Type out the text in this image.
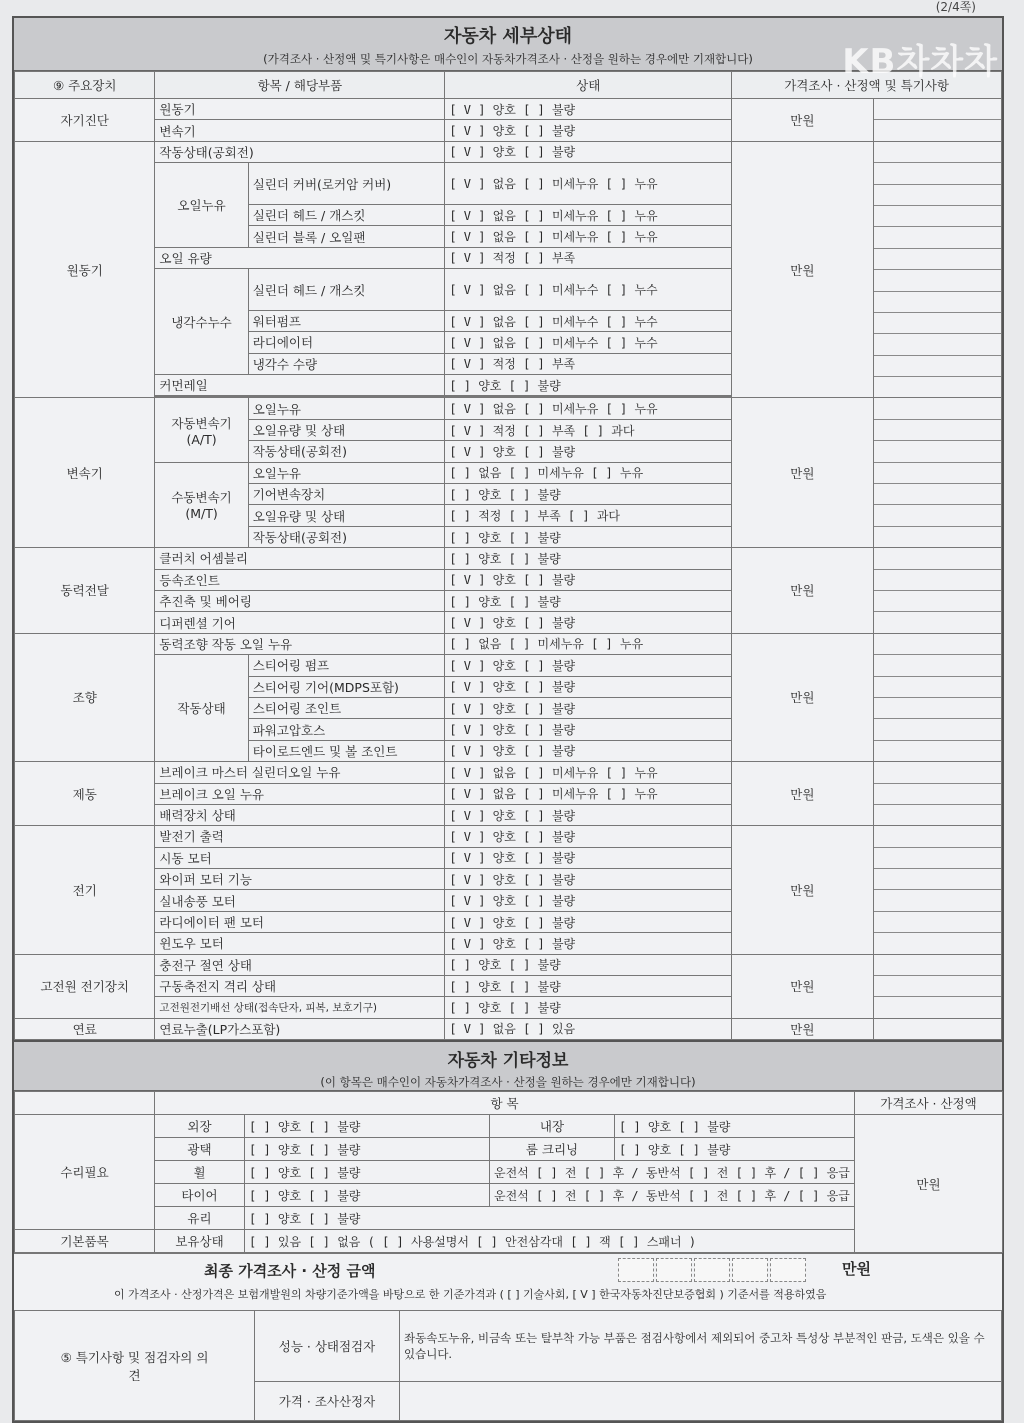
(2/4쪽)
자동차 세부상태
(가격조사 · 산정액 및 특기사항은 매수인이 자동차가격조사 · 산정을 원하는 경우에만 기재합니다)
⑨ 주요장치	항목 / 해당부품		상태	가격조사 · 산정액 및 특기사항	
자기진단	원동기		[ V ] 양호 [ ] 불량	만원	

	변속기		[ V ] 양호 [ ] 불량		
원동기	작동상태(공회전)		[ V ] 양호 [ ] 불량	만원	

	오일누유	실린더 커버(로커암 커버)	[ V ] 없음 [ ] 미세누유 [ ] 누유		
		실린더 헤드 / 개스킷	[ V ] 없음 [ ] 미세누유 [ ] 누유		
		실린더 블록 / 오일팬	[ V ] 없음 [ ] 미세누유 [ ] 누유		
	오일 유량		[ V ] 적정 [ ] 부족		
	냉각수누수	실린더 헤드 / 개스킷	[ V ] 없음 [ ] 미세누수 [ ] 누수		
		워터펌프	[ V ] 없음 [ ] 미세누수 [ ] 누수		
		라디에이터	[ V ] 없음 [ ] 미세누수 [ ] 누수		
		냉각수 수량	[ V ] 적정 [ ] 부족		
	커먼레일		[ ] 양호 [ ] 불량		

변속기	자동변속기 (A/T)	오일누유	[ V ] 없음 [ ] 미세누유 [ ] 누유	만원	

		오일유량 및 상태	[ V ] 적정 [ ] 부족 [ ] 과다		
		작동상태(공회전)	[ V ] 양호 [ ] 불량		
	수동변속기 (M/T)	오일누유	[ ] 없음 [ ] 미세누유 [ ] 누유		
		기어변속장치	[ ] 양호 [ ] 불량		
		오일유량 및 상태	[ ] 적정 [ ] 부족 [ ] 과다		
		작동상태(공회전)	[ ] 양호 [ ] 불량		
동력전달	클러치 어셈블리		[ ] 양호 [ ] 불량	만원	

	등속조인트		[ V ] 양호 [ ] 불량		
	추진축 및 베어링		[ ] 양호 [ ] 불량		
	디퍼렌셜 기어		[ V ] 양호 [ ] 불량		
조향	동력조향 작동 오일 누유		[ ] 없음 [ ] 미세누유 [ ] 누유	만원	

	작동상태	스티어링 펌프	[ V ] 양호 [ ] 불량		
		스티어링 기어(MDPS포함)	[ V ] 양호 [ ] 불량		
		스티어링 조인트	[ V ] 양호 [ ] 불량		
		파워고압호스	[ V ] 양호 [ ] 불량		
		타이로드엔드 및 볼 조인트	[ V ] 양호 [ ] 불량		
제동	브레이크 마스터 실린더오일 누유		[ V ] 없음 [ ] 미세누유 [ ] 누유	만원	

	브레이크 오일 누유		[ V ] 없음 [ ] 미세누유 [ ] 누유		
	배력장치 상태		[ V ] 양호 [ ] 불량		
전기	발전기 출력		[ V ] 양호 [ ] 불량	만원	

	시동 모터		[ V ] 양호 [ ] 불량		
	와이퍼 모터 기능		[ V ] 양호 [ ] 불량		
	실내송풍 모터		[ V ] 양호 [ ] 불량		
	라디에이터 팬 모터		[ V ] 양호 [ ] 불량		
	윈도우 모터		[ V ] 양호 [ ] 불량		
고전원 전기장치	충전구 절연 상태		[ ] 양호 [ ] 불량	만원	

	구동축전지 격리 상태		[ ] 양호 [ ] 불량		
	고전원전기배선 상태(접속단자, 피복, 보호기구)		[ ] 양호 [ ] 불량		
연료	연료누출(LP가스포함)		[ V ] 없음 [ ] 있음	만원	
자동차 기타정보
(이 항목은 매수인이 자동차가격조사 · 산정을 원하는 경우에만 기재합니다)
	항 목				가격조사 · 산정액
수리필요	외장	[ ] 양호 [ ] 불량	내장	[ ] 양호 [ ] 불량	만원
	광택	[ ] 양호 [ ] 불량	룸 크리닝	[ ] 양호 [ ] 불량	
	휠	[ ] 양호 [ ] 불량	운전석 [ ] 전 [ ] 후 / 동반석 [ ] 전 [ ] 후 / [ ] 응급		
	타이어	[ ] 양호 [ ] 불량	운전석 [ ] 전 [ ] 후 / 동반석 [ ] 전 [ ] 후 / [ ] 응급		
	유리	[ ] 양호 [ ] 불량			
기본품목	보유상태	[ ] 있음 [ ] 없음 ( [ ] 사용설명서 [ ] 안전삼각대 [ ] 잭 [ ] 스패너 )			
최종 가격조사 · 산정 금액	만원
이 가격조사 · 산정가격은 보험개발원의 차량기준가액을 바탕으로 한 기준가격과 ( [ ] 기술사회, [ V ] 한국자동차진단보증협회 ) 기준서를 적용하였음
⑤ 특기사항 및 점검자의 의견	성능 · 상태점검자	좌동속도누유, 비금속 또는 탈부착 가능 부품은 점검사항에서 제외되어 중고차 특성상 부분적인 판금, 도색은 있을 수 있습니다.
	가격 · 조사산정자	
KB차차차
